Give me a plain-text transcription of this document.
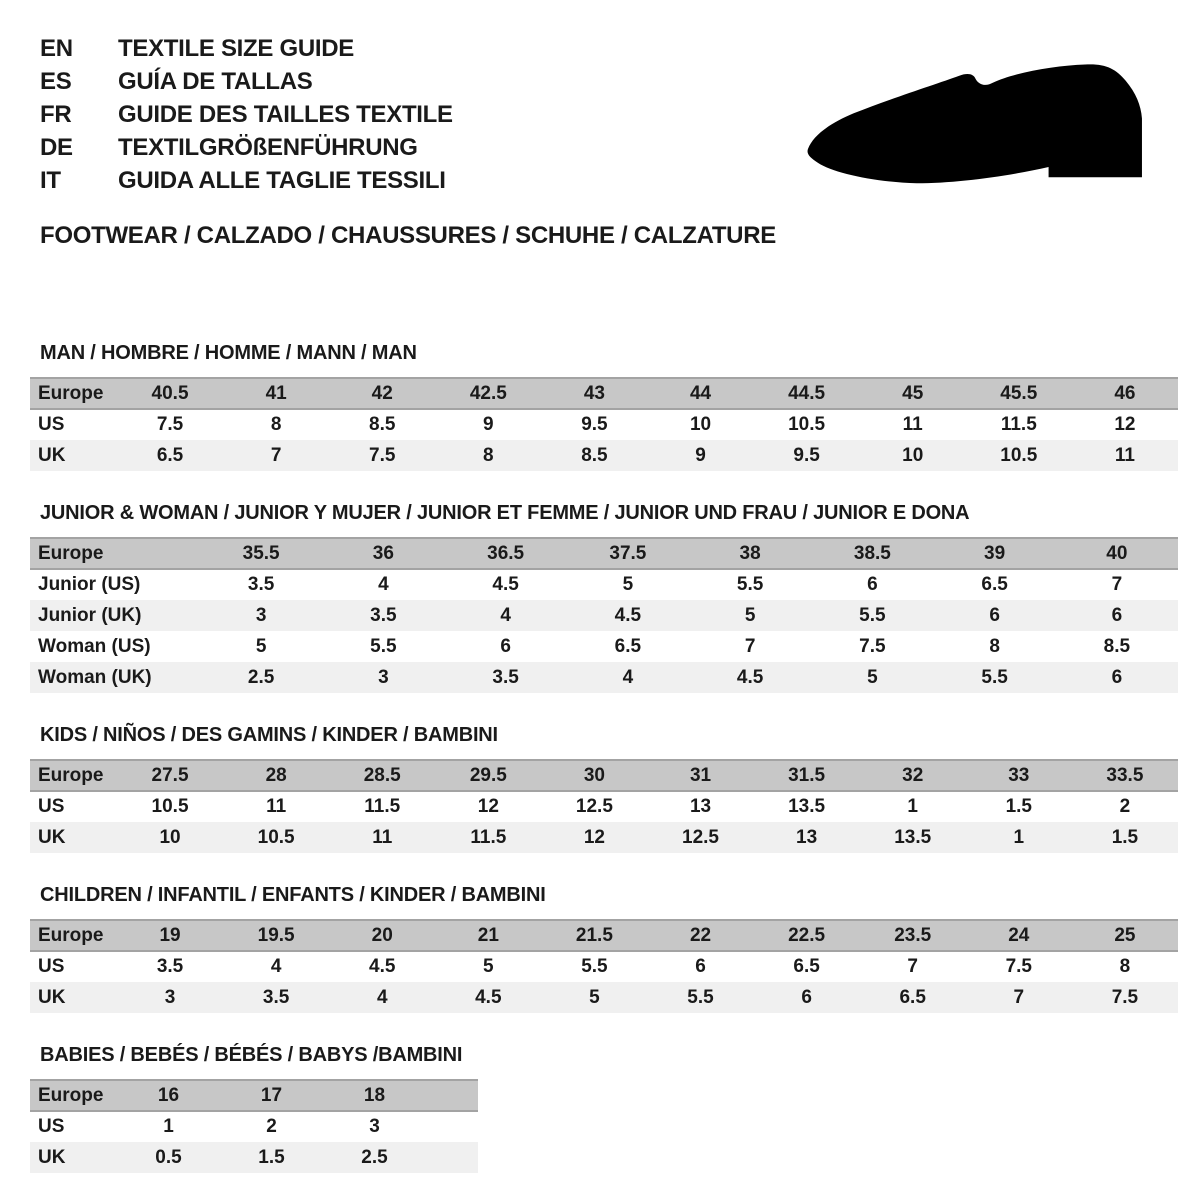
EN TEXTILE SIZE GUIDE
ES GUÍA DE TALLAS
FR GUIDE DES TAILLES TEXTILE
DE TEXTILGRÖßENFÜHRUNG
IT GUIDA ALLE TAGLIE TESSILI
FOOTWEAR / CALZADO / CHAUSSURES / SCHUHE / CALZATURE
MAN / HOMBRE / HOMME / MANN / MAN
Europe	40.5	41	42	42.5	43	44	44.5	45	45.5	46
US	7.5	8	8.5	9	9.5	10	10.5	11	11.5	12
UK	6.5	7	7.5	8	8.5	9	9.5	10	10.5	11
JUNIOR & WOMAN / JUNIOR Y MUJER / JUNIOR ET FEMME / JUNIOR UND FRAU / JUNIOR E DONA
Europe	35.5	36	36.5	37.5	38	38.5	39	40
Junior (US)	3.5	4	4.5	5	5.5	6	6.5	7
Junior (UK)	3	3.5	4	4.5	5	5.5	6	6
Woman (US)	5	5.5	6	6.5	7	7.5	8	8.5
Woman (UK)	2.5	3	3.5	4	4.5	5	5.5	6
KIDS / NIÑOS / DES GAMINS / KINDER / BAMBINI
Europe	27.5	28	28.5	29.5	30	31	31.5	32	33	33.5
US	10.5	11	11.5	12	12.5	13	13.5	1	1.5	2
UK	10	10.5	11	11.5	12	12.5	13	13.5	1	1.5
CHILDREN / INFANTIL / ENFANTS / KINDER / BAMBINI
Europe	19	19.5	20	21	21.5	22	22.5	23.5	24	25
US	3.5	4	4.5	5	5.5	6	6.5	7	7.5	8
UK	3	3.5	4	4.5	5	5.5	6	6.5	7	7.5
BABIES / BEBÉS / BÉBÉS / BABYS /BAMBINI
Europe	16	17	18	
US	1	2	3	
UK	0.5	1.5	2.5	
